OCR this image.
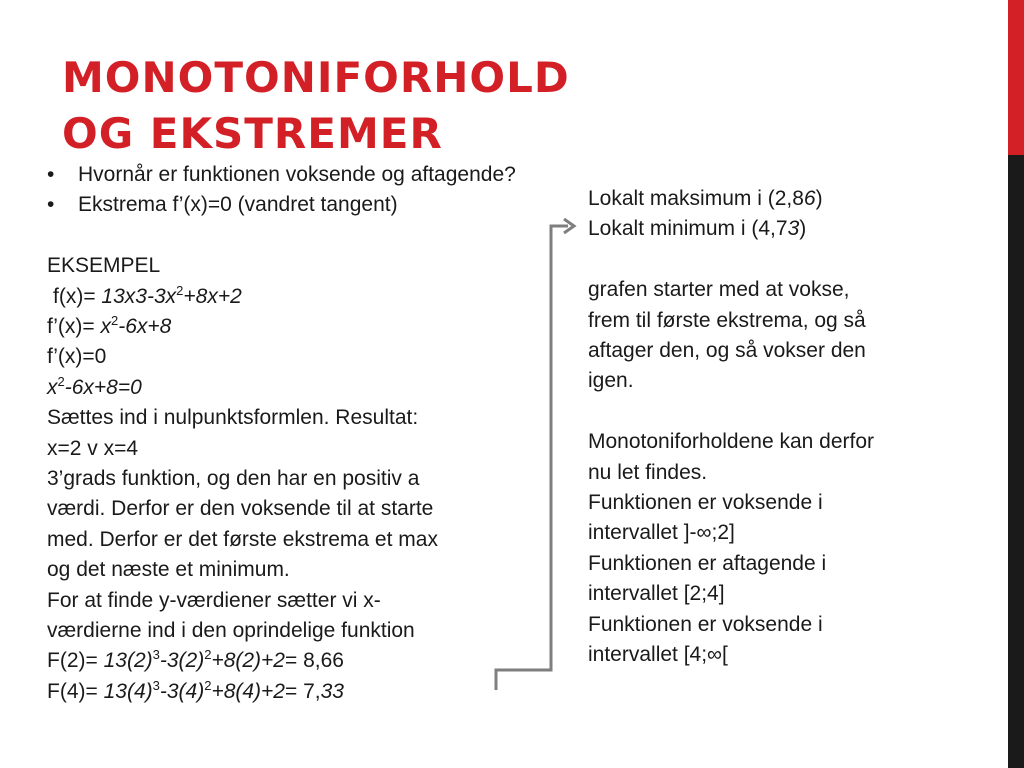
MONOTONIFORHOLD
OG EKSTREMER
• Hvornår er funktionen voksende og aftagende?
• Ekstrema f’(x)=0 (vandret tangent)
EKSEMPEL
$f(x)= 13x3-3x^2+8x+2$
f’(x)= $x^2-6x+8$
f’(x)=0
$x^2-6x+8=0$
Sættes ind i nulpunktsformlen. Resultat:
x=2 v x=4
3’grads funktion, og den har en positiv a
værdi. Derfor er den voksende til at starte
med. Derfor er det første ekstrema et max
og det næste et minimum.
For at finde y-værdiener sætter vi x-
værdierne ind i den oprindelige funktion
$F(2)= 13(2)^3-3(2)^2+8(2)+2= 8,66$
$F(4)= 13(4)^3-3(4)^2+8(4)+2= 7,33$
Lokalt maksimum i (2,86)
Lokalt minimum i (4,73)
grafen starter med at vokse,
frem til første ekstrema, og så
aftager den, og så vokser den
igen.
Monotoniforholdene kan derfor
nu let findes.
Funktionen er voksende i
intervallet ]-∞;2]
Funktionen er aftagende i
intervallet [2;4]
Funktionen er voksende i
intervallet [4;∞[
